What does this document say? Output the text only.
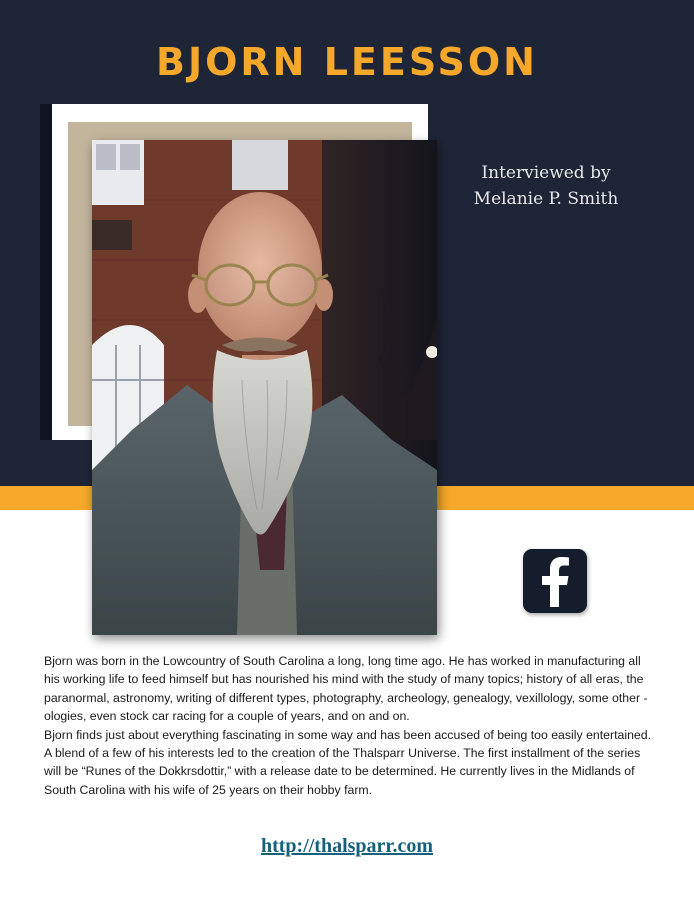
BJORN LEESSON
Interviewed by
Melanie P. Smith

Bjorn was born in the Lowcountry of South Carolina a long, long time ago. He has worked in manufacturing all his working life to feed himself but has nourished his mind with the study of many topics; history of all eras, the paranormal, astronomy, writing of different types, photography, archeology, genealogy, vexillology, some other -ologies, even stock car racing for a couple of years, and on and on.

Bjorn finds just about everything fascinating in some way and has been accused of being too easily entertained. A blend of a few of his interests led to the creation of the Thalsparr Universe. The first installment of the series will be “Runes of the Dokkrsdottir,” with a release date to be determined. He currently lives in the Midlands of South Carolina with his wife of 25 years on their hobby farm.

http://thalsparr.com
